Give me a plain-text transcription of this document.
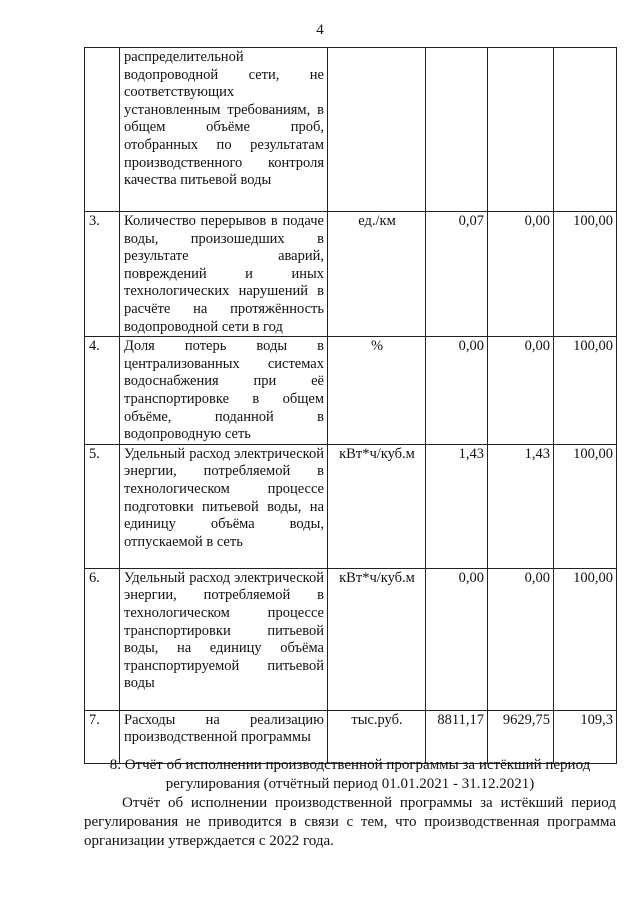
4
	распределительной водопроводной сети, не соответствующих установленным требованиям, в общем объёме проб, отобранных по результатам производственного контроля качества питьевой воды				
3.	Количество перерывов в подаче воды, произошедших в результате аварий, повреждений и иных технологических нарушений в расчёте на протяжённость водопроводной сети в год	ед./км	0,07	0,00	100,00
4.	Доля потерь воды в централизованных системах водоснабжения при её транспортировке в общем объёме, поданной в водопроводную сеть	%	0,00	0,00	100,00
5.	Удельный расход электрической энергии, потребляемой в технологическом процессе подготовки питьевой воды, на единицу объёма воды, отпускаемой в сеть	кВт*ч/куб.м	1,43	1,43	100,00
6.	Удельный расход электрической энергии, потребляемой в технологическом процессе транспортировки питьевой воды, на единицу объёма транспортируемой питьевой воды	кВт*ч/куб.м	0,00	0,00	100,00
7.	Расходы на реализацию производственной программы	тыс.руб.	8811,17	9629,75	109,3

8. Отчёт об исполнении производственной программы за истёкший период регулирования (отчётный период 01.01.2021 - 31.12.2021)

Отчёт об исполнении производственной программы за истёкший период регулирования не приводится в связи с тем, что производственная программа организации утверждается с 2022 года.
